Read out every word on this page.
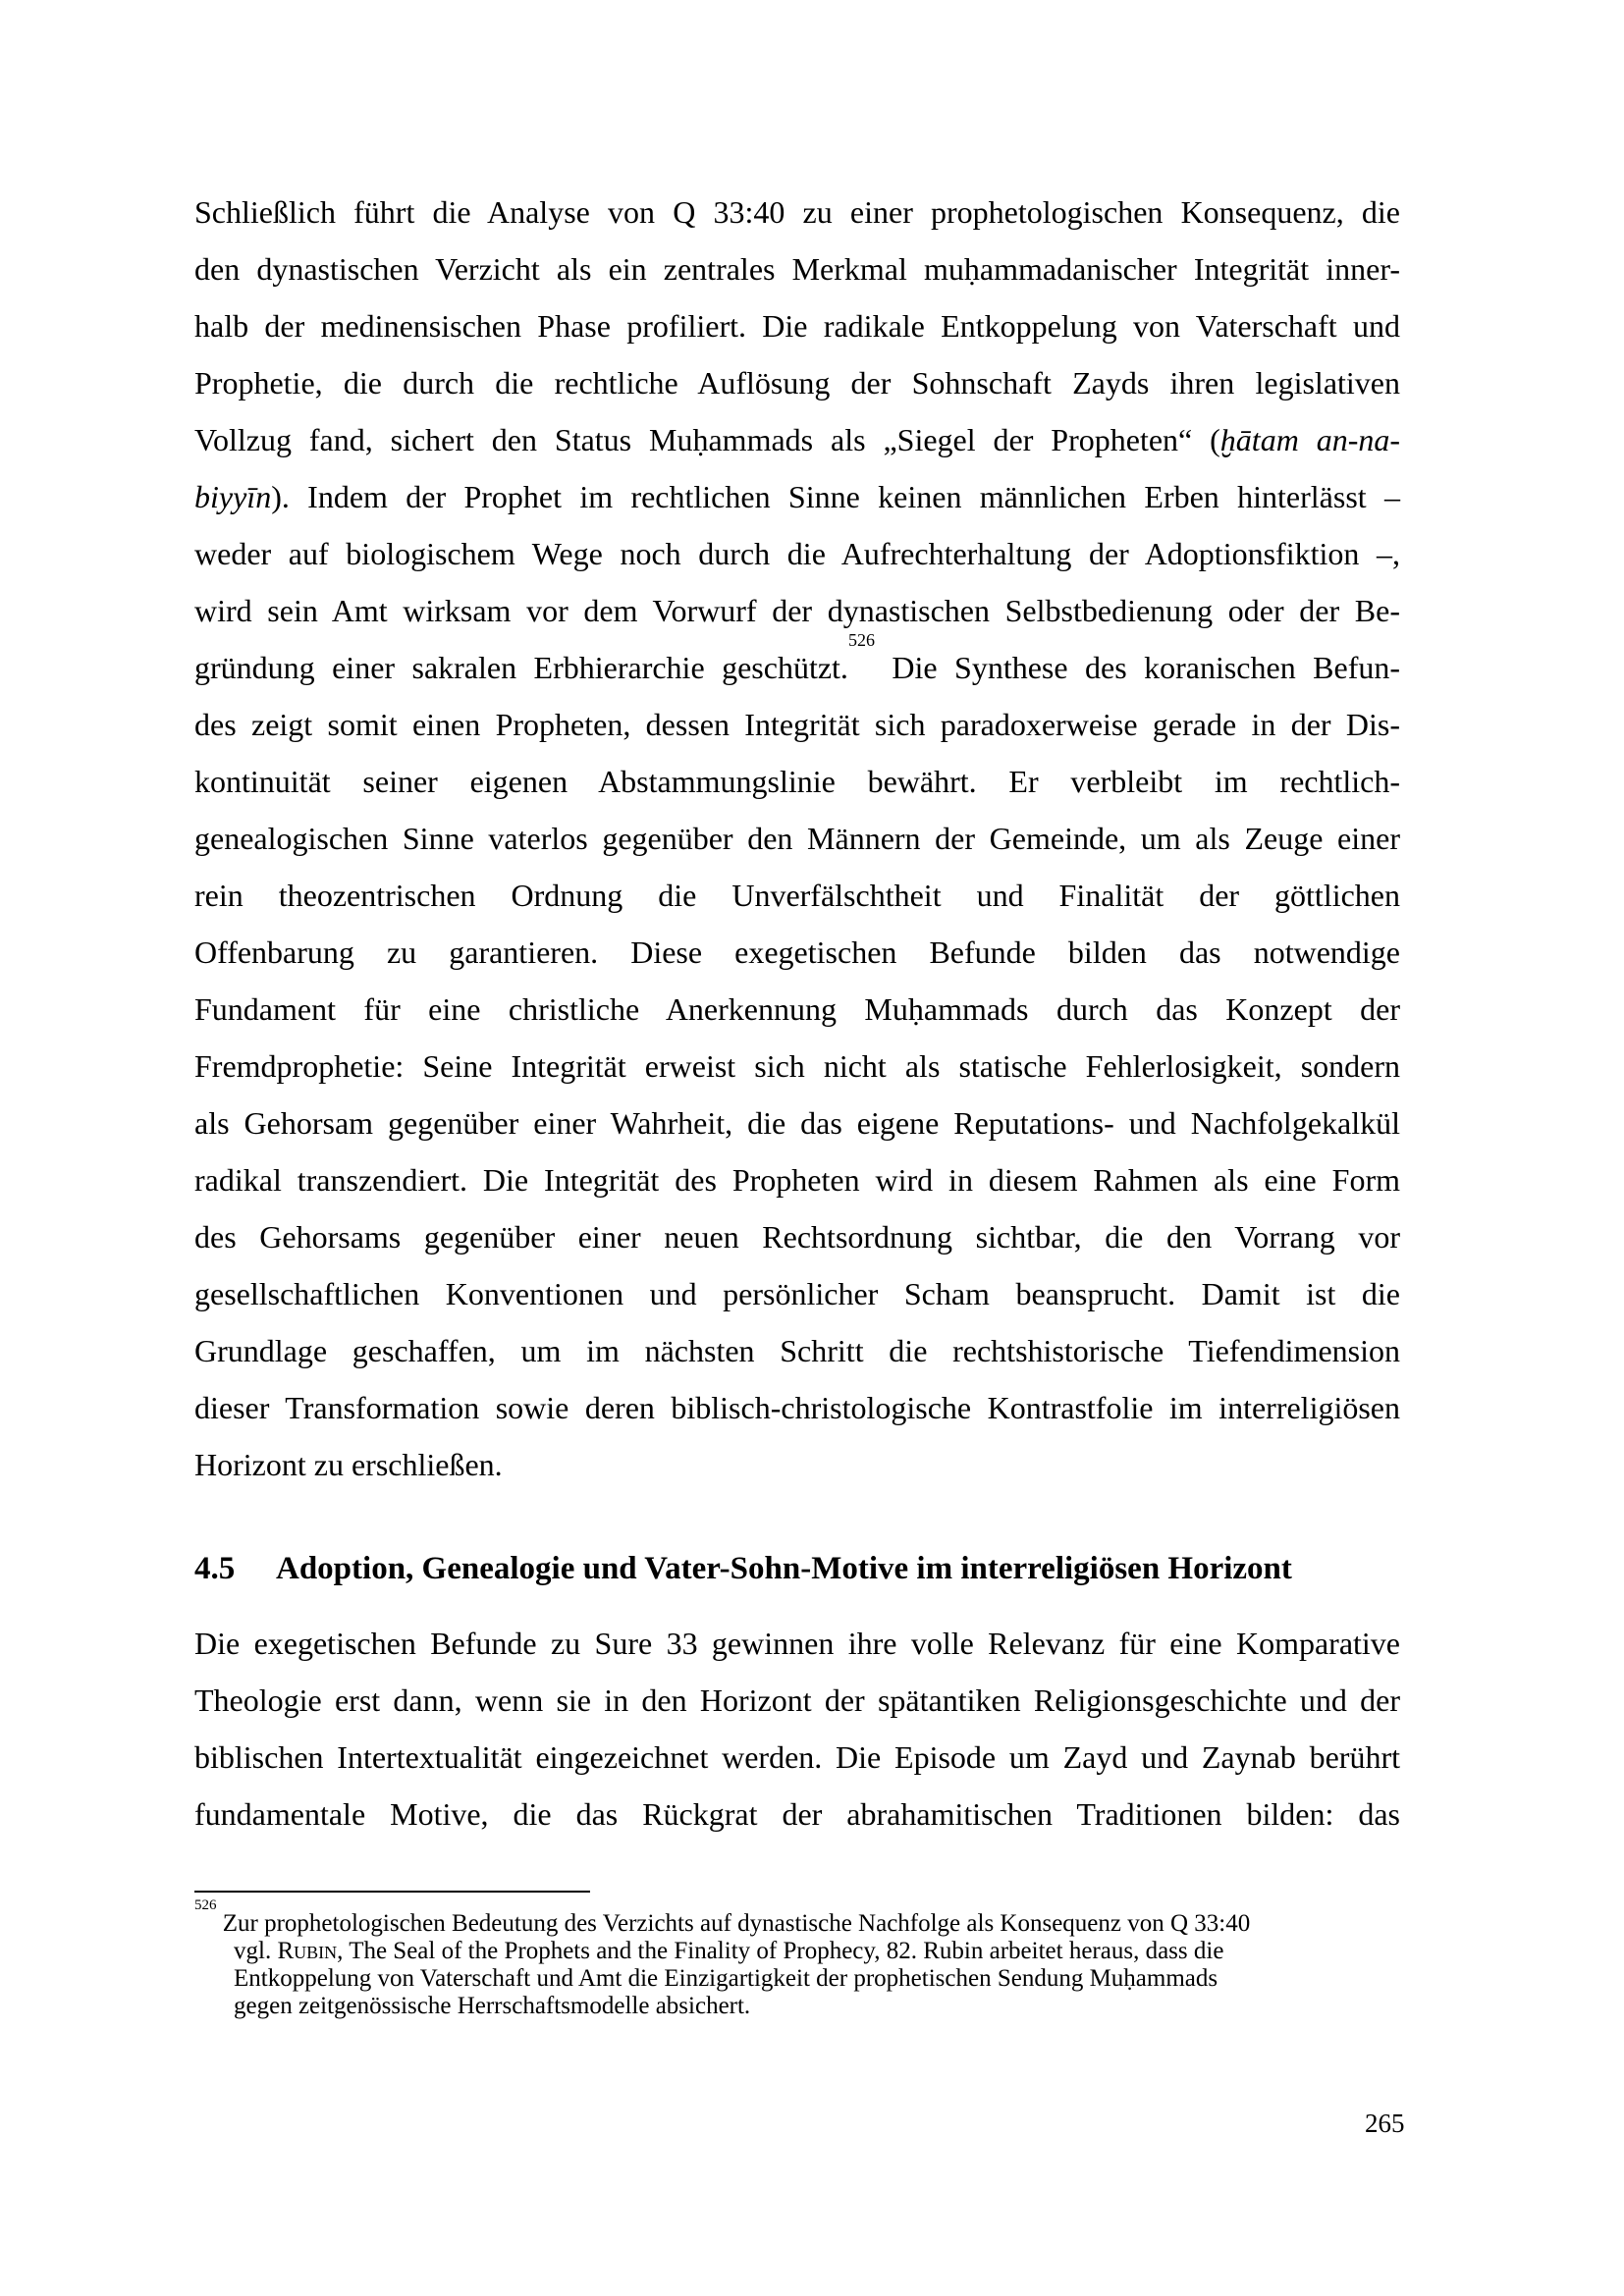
Schließlich führt die Analyse von Q 33:40 zu einer prophetologischen Konsequenz, die
den dynastischen Verzicht als ein zentrales Merkmal muḥammadanischer Integrität inner-
halb der medinensischen Phase profiliert. Die radikale Entkoppelung von Vaterschaft und
Prophetie, die durch die rechtliche Auflösung der Sohnschaft Zayds ihren legislativen
Vollzug fand, sichert den Status Muḥammads als „Siegel der Propheten“ (ḫātam an-na-
biyyīn). Indem der Prophet im rechtlichen Sinne keinen männlichen Erben hinterlässt –
weder auf biologischem Wege noch durch die Aufrechterhaltung der Adoptionsfiktion –,
wird sein Amt wirksam vor dem Vorwurf der dynastischen Selbstbedienung oder der Be-
gründung einer sakralen Erbhierarchie geschützt.$^{526}$ Die Synthese des koranischen Befun-
des zeigt somit einen Propheten, dessen Integrität sich paradoxerweise gerade in der Dis-
kontinuität seiner eigenen Abstammungslinie bewährt. Er verbleibt im rechtlich-
genealogischen Sinne vaterlos gegenüber den Männern der Gemeinde, um als Zeuge einer
rein theozentrischen Ordnung die Unverfälschtheit und Finalität der göttlichen
Offenbarung zu garantieren. Diese exegetischen Befunde bilden das notwendige
Fundament für eine christliche Anerkennung Muḥammads durch das Konzept der
Fremdprophetie: Seine Integrität erweist sich nicht als statische Fehlerlosigkeit, sondern
als Gehorsam gegenüber einer Wahrheit, die das eigene Reputations- und Nachfolgekalkül
radikal transzendiert. Die Integrität des Propheten wird in diesem Rahmen als eine Form
des Gehorsams gegenüber einer neuen Rechtsordnung sichtbar, die den Vorrang vor
gesellschaftlichen Konventionen und persönlicher Scham beansprucht. Damit ist die
Grundlage geschaffen, um im nächsten Schritt die rechtshistorische Tiefendimension
dieser Transformation sowie deren biblisch-christologische Kontrastfolie im interreligiösen
Horizont zu erschließen.
4.5 Adoption, Genealogie und Vater-Sohn-Motive im interreligiösen Horizont
Die exegetischen Befunde zu Sure 33 gewinnen ihre volle Relevanz für eine Komparative
Theologie erst dann, wenn sie in den Horizont der spätantiken Religionsgeschichte und der
biblischen Intertextualität eingezeichnet werden. Die Episode um Zayd und Zaynab berührt
fundamentale Motive, die das Rückgrat der abrahamitischen Traditionen bilden: das
$^{526}$ Zur prophetologischen Bedeutung des Verzichts auf dynastische Nachfolge als Konsequenz von Q 33:40
vgl. Rubin, The Seal of the Prophets and the Finality of Prophecy, 82. Rubin arbeitet heraus, dass die
Entkoppelung von Vaterschaft und Amt die Einzigartigkeit der prophetischen Sendung Muḥammads
gegen zeitgenössische Herrschaftsmodelle absichert.
265
